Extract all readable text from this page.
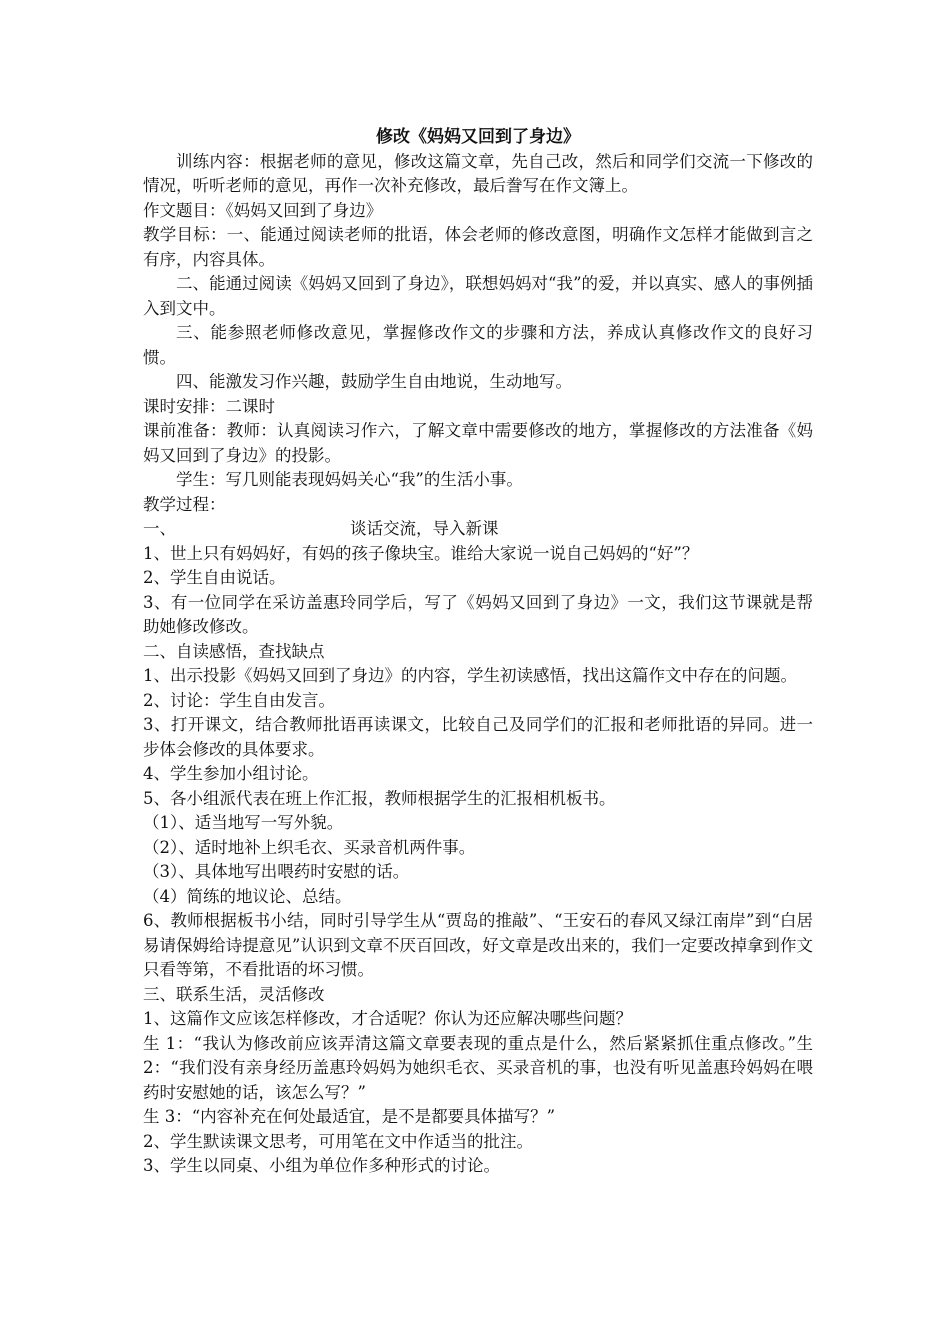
修改《妈妈又回到了身边》

训练内容：根据老师的意见，修改这篇文章，先自己改，然后和同学们交流一下修改的情况，听听老师的意见，再作一次补充修改，最后誊写在作文簿上。

作文题目：《妈妈又回到了身边》

教学目标：一、能通过阅读老师的批语，体会老师的修改意图，明确作文怎样才能做到言之有序，内容具体。

二、能通过阅读《妈妈又回到了身边》，联想妈妈对“我”的爱，并以真实、感人的事例插入到文中。

三、能参照老师修改意见，掌握修改作文的步骤和方法，养成认真修改作文的良好习惯。

四、能激发习作兴趣，鼓励学生自由地说，生动地写。

课时安排：二课时

课前准备：教师：认真阅读习作六，了解文章中需要修改的地方，掌握修改的方法准备《妈妈又回到了身边》的投影。

学生：写几则能表现妈妈关心“我”的生活小事。

教学过程：

一、	谈话交流，导入新课

1、世上只有妈妈好，有妈的孩子像块宝。谁给大家说一说自己妈妈的“好”？

2、学生自由说话。

3、有一位同学在采访盖惠玲同学后，写了《妈妈又回到了身边》一文，我们这节课就是帮助她修改修改。

二、自读感悟，查找缺点

1、出示投影《妈妈又回到了身边》的内容，学生初读感悟，找出这篇作文中存在的问题。

2、讨论：学生自由发言。

3、打开课文，结合教师批语再读课文，比较自己及同学们的汇报和老师批语的异同。进一步体会修改的具体要求。

4、学生参加小组讨论。

5、各小组派代表在班上作汇报，教师根据学生的汇报相机板书。

（1）、适当地写一写外貌。

（2）、适时地补上织毛衣、买录音机两件事。

（3）、具体地写出喂药时安慰的话。

（4）简练的地议论、总结。

6、教师根据板书小结，同时引导学生从“贾岛的推敲”、“王安石的春风又绿江南岸”到“白居易请保姆给诗提意见”认识到文章不厌百回改，好文章是改出来的，我们一定要改掉拿到作文只看等第，不看批语的坏习惯。

三、联系生活，灵活修改

1、这篇作文应该怎样修改，才合适呢？你认为还应解决哪些问题？

生 1：“我认为修改前应该弄清这篇文章要表现的重点是什么，然后紧紧抓住重点修改。”生 2：“我们没有亲身经历盖惠玲妈妈为她织毛衣、买录音机的事，也没有听见盖惠玲妈妈在喂药时安慰她的话，该怎么写？”

生 3：“内容补充在何处最适宜，是不是都要具体描写？”

2、学生默读课文思考，可用笔在文中作适当的批注。

3、学生以同桌、小组为单位作多种形式的讨论。
